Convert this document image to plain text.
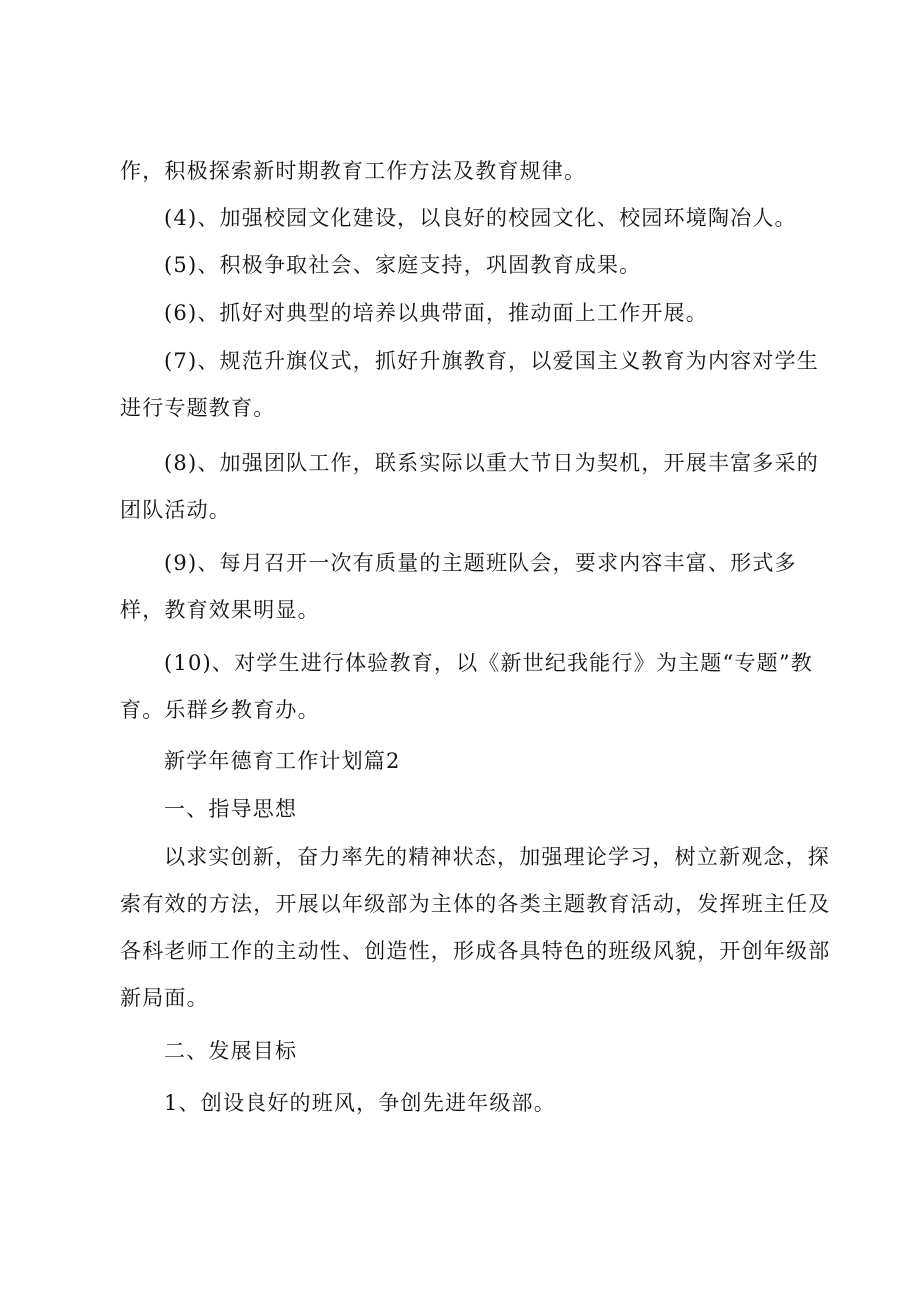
作，积极探索新时期教育工作方法及教育规律。

(4)、加强校园文化建设，以良好的校园文化、校园环境陶冶人。

(5)、积极争取社会、家庭支持，巩固教育成果。

(6)、抓好对典型的培养以典带面，推动面上工作开展。

(7)、规范升旗仪式，抓好升旗教育，以爱国主义教育为内容对学生进行专题教育。

(8)、加强团队工作，联系实际以重大节日为契机，开展丰富多采的团队活动。

(9)、每月召开一次有质量的主题班队会，要求内容丰富、形式多样，教育效果明显。

(10)、对学生进行体验教育，以《新世纪我能行》为主题“专题”教育。乐群乡教育办。

新学年德育工作计划篇2

一、指导思想

以求实创新，奋力率先的精神状态，加强理论学习，树立新观念，探索有效的方法，开展以年级部为主体的各类主题教育活动，发挥班主任及各科老师工作的主动性、创造性，形成各具特色的班级风貌，开创年级部新局面。

二、发展目标

1、创设良好的班风，争创先进年级部。
